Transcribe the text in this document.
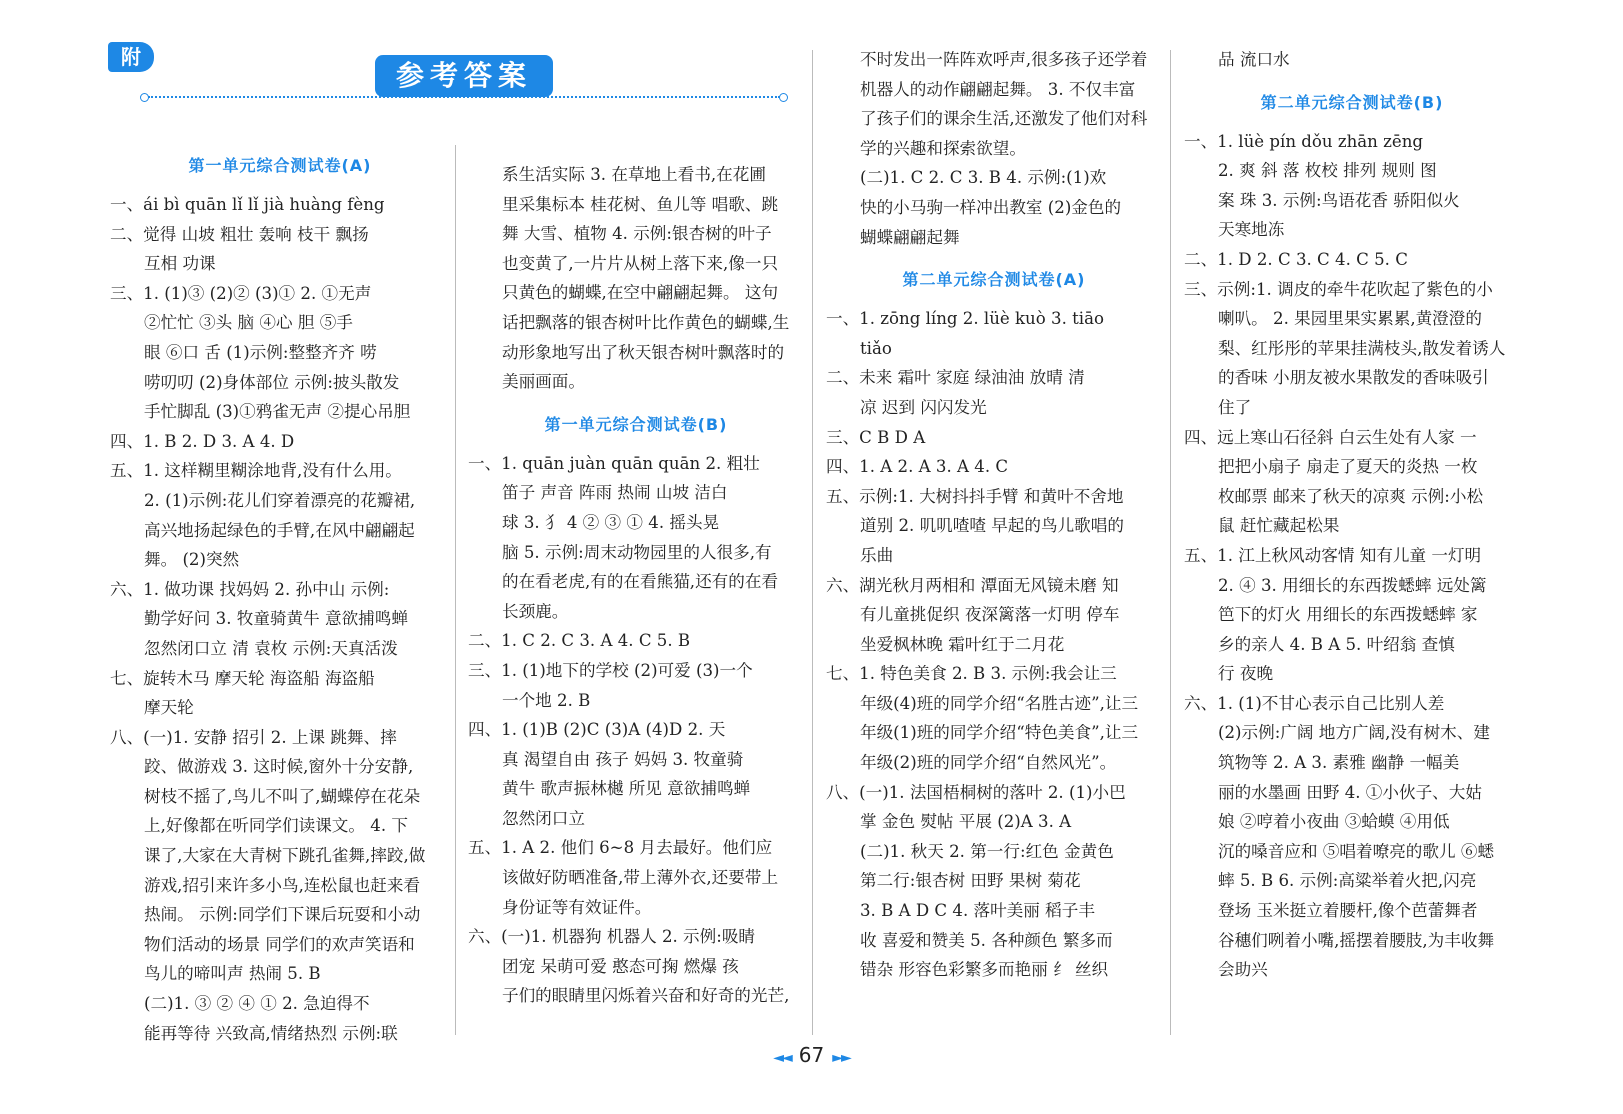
附
参考答案
第一单元综合测试卷(A)
一、ái bì quān lǐ lǐ jià huàng fèng
二、觉得 山坡 粗壮 轰响 枝干 飘扬
互相 功课
三、1. (1)③ (2)② (3)① 2. ①无声
②忙忙 ③头 脑 ④心 胆 ⑤手
眼 ⑥口 舌 (1)示例:整整齐齐 唠
唠叨叨 (2)身体部位 示例:披头散发
手忙脚乱 (3)①鸦雀无声 ②提心吊胆
四、1. B 2. D 3. A 4. D
五、1. 这样糊里糊涂地背,没有什么用。
2. (1)示例:花儿们穿着漂亮的花瓣裙,
高兴地扬起绿色的手臂,在风中翩翩起
舞。 (2)突然
六、1. 做功课 找妈妈 2. 孙中山 示例:
勤学好问 3. 牧童骑黄牛 意欲捕鸣蝉
忽然闭口立 清 袁枚 示例:天真活泼
七、旋转木马 摩天轮 海盗船 海盗船
摩天轮
八、(一)1. 安静 招引 2. 上课 跳舞、摔
跤、做游戏 3. 这时候,窗外十分安静,
树枝不摇了,鸟儿不叫了,蝴蝶停在花朵
上,好像都在听同学们读课文。 4. 下
课了,大家在大青树下跳孔雀舞,摔跤,做
游戏,招引来许多小鸟,连松鼠也赶来看
热闹。 示例:同学们下课后玩耍和小动
物们活动的场景 同学们的欢声笑语和
鸟儿的啼叫声 热闹 5. B
(二)1. ③ ② ④ ① 2. 急迫得不
能再等待 兴致高,情绪热烈 示例:联
系生活实际 3. 在草地上看书,在花圃
里采集标本 桂花树、鱼儿等 唱歌、跳
舞 大雪、植物 4. 示例:银杏树的叶子
也变黄了,一片片从树上落下来,像一只
只黄色的蝴蝶,在空中翩翩起舞。 这句
话把飘落的银杏树叶比作黄色的蝴蝶,生
动形象地写出了秋天银杏树叶飘落时的
美丽画面。
第一单元综合测试卷(B)
一、1. quān juàn quān quān 2. 粗壮
笛子 声音 阵雨 热闹 山坡 洁白
球 3. 犭 4 ② ③ ① 4. 摇头晃
脑 5. 示例:周末动物园里的人很多,有
的在看老虎,有的在看熊猫,还有的在看
长颈鹿。
二、1. C 2. C 3. A 4. C 5. B
三、1. (1)地下的学校 (2)可爱 (3)一个
一个地 2. B
四、1. (1)B (2)C (3)A (4)D 2. 天
真 渴望自由 孩子 妈妈 3. 牧童骑
黄牛 歌声振林樾 所见 意欲捕鸣蝉
忽然闭口立
五、1. A 2. 他们 6~8 月去最好。他们应
该做好防晒准备,带上薄外衣,还要带上
身份证等有效证件。
六、(一)1. 机器狗 机器人 2. 示例:吸睛
团宠 呆萌可爱 憨态可掬 燃爆 孩
子们的眼睛里闪烁着兴奋和好奇的光芒,
不时发出一阵阵欢呼声,很多孩子还学着
机器人的动作翩翩起舞。 3. 不仅丰富
了孩子们的课余生活,还激发了他们对科
学的兴趣和探索欲望。
(二)1. C 2. C 3. B 4. 示例:(1)欢
快的小马驹一样冲出教室 (2)金色的
蝴蝶翩翩起舞
第二单元综合测试卷(A)
一、1. zōng líng 2. lüè kuò 3. tiāo
tiǎo
二、未来 霜叶 家庭 绿油油 放晴 清
凉 迟到 闪闪发光
三、C B D A
四、1. A 2. A 3. A 4. C
五、示例:1. 大树抖抖手臂 和黄叶不舍地
道别 2. 叽叽喳喳 早起的鸟儿歌唱的
乐曲
六、湖光秋月两相和 潭面无风镜未磨 知
有儿童挑促织 夜深篱落一灯明 停车
坐爱枫林晚 霜叶红于二月花
七、1. 特色美食 2. B 3. 示例:我会让三
年级(4)班的同学介绍“名胜古迹”,让三
年级(1)班的同学介绍“特色美食”,让三
年级(2)班的同学介绍“自然风光”。
八、(一)1. 法国梧桐树的落叶 2. (1)小巴
掌 金色 熨帖 平展 (2)A 3. A
(二)1. 秋天 2. 第一行:红色 金黄色
第二行:银杏树 田野 果树 菊花
3. B A D C 4. 落叶美丽 稻子丰
收 喜爱和赞美 5. 各种颜色 繁多而
错杂 形容色彩繁多而艳丽 纟 丝织
品 流口水
第二单元综合测试卷(B)
一、1. lüè pín dǒu zhān zēng
2. 爽 斜 落 枚校 排列 规则 图
案 珠 3. 示例:鸟语花香 骄阳似火
天寒地冻
二、1. D 2. C 3. C 4. C 5. C
三、示例:1. 调皮的牵牛花吹起了紫色的小
喇叭。 2. 果园里果实累累,黄澄澄的
梨、红彤彤的苹果挂满枝头,散发着诱人
的香味 小朋友被水果散发的香味吸引
住了
四、远上寒山石径斜 白云生处有人家 一
把把小扇子 扇走了夏天的炎热 一枚
枚邮票 邮来了秋天的凉爽 示例:小松
鼠 赶忙藏起松果
五、1. 江上秋风动客情 知有儿童 一灯明
2. ④ 3. 用细长的东西拨蟋蟀 远处篱
笆下的灯火 用细长的东西拨蟋蟀 家
乡的亲人 4. B A 5. 叶绍翁 查慎
行 夜晚
六、1. (1)不甘心表示自己比别人差
(2)示例:广阔 地方广阔,没有树木、建
筑物等 2. A 3. 素雅 幽静 一幅美
丽的水墨画 田野 4. ①小伙子、大姑
娘 ②哼着小夜曲 ③蛤蟆 ④用低
沉的嗓音应和 ⑤唱着嘹亮的歌儿 ⑥蟋
蟀 5. B 6. 示例:高粱举着火把,闪亮
登场 玉米挺立着腰杆,像个芭蕾舞者
谷穗们咧着小嘴,摇摆着腰肢,为丰收舞
会助兴
◄◄ 67 ►►
